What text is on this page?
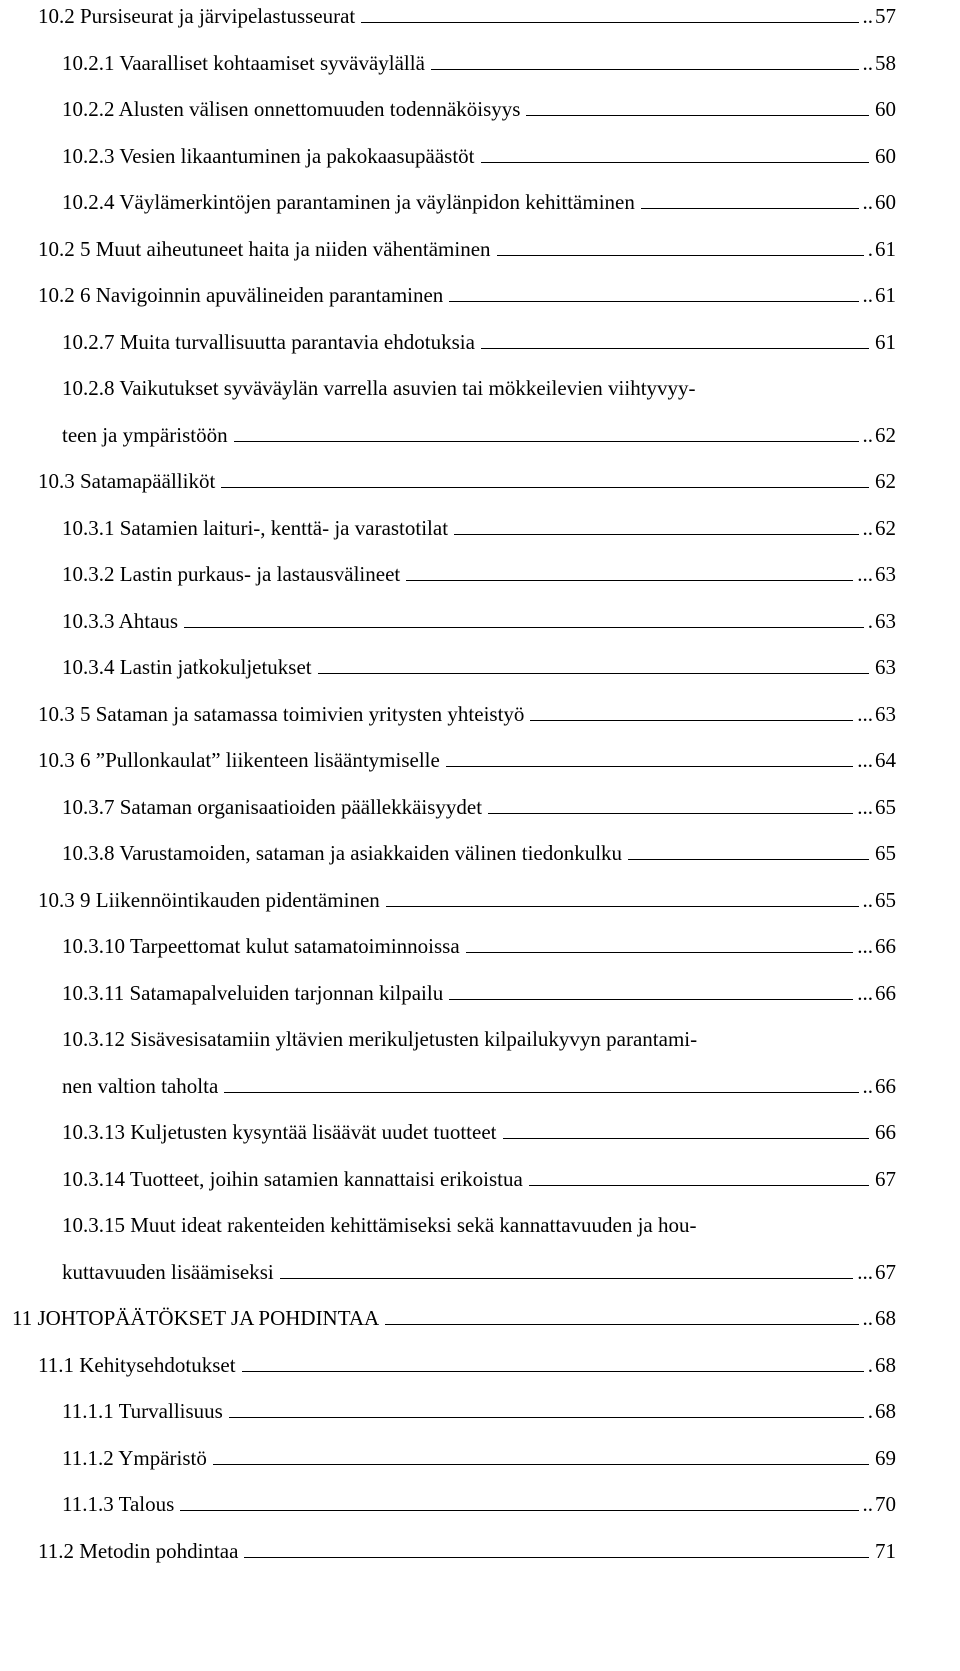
10.2 Pursiseurat ja järvipelastusseurat	57
..
10.2.1 Vaaralliset kohtaamiset syväväylällä	58
..
10.2.2 Alusten välisen onnettomuuden todennäköisyys	60
10.2.3 Vesien likaantuminen ja pakokaasupäästöt	60
10.2.4 Väylämerkintöjen parantaminen ja väylänpidon kehittäminen	60
..
10.2 5 Muut aiheutuneet haita ja niiden vähentäminen	61
.
10.2 6 Navigoinnin apuvälineiden parantaminen	61
..
10.2.7 Muita turvallisuutta parantavia ehdotuksia	61
10.2.8 Vaikutukset syväväylän varrella asuvien tai mökkeilevien viihtyvyy-
teen ja ympäristöön	62
..
10.3 Satamapäälliköt	62
10.3.1 Satamien laituri-, kenttä- ja varastotilat	62
..
10.3.2 Lastin purkaus- ja lastausvälineet	63
...
10.3.3 Ahtaus	63
.
10.3.4 Lastin jatkokuljetukset	63
10.3 5 Sataman ja satamassa toimivien yritysten yhteistyö	63
...
10.3 6 ”Pullonkaulat” liikenteen lisääntymiselle	64
...
10.3.7 Sataman organisaatioiden päällekkäisyydet	65
...
10.3.8 Varustamoiden, sataman ja asiakkaiden välinen tiedonkulku	65
10.3 9 Liikennöintikauden pidentäminen	65
..
10.3.10 Tarpeettomat kulut satamatoiminnoissa	66
...
10.3.11 Satamapalveluiden tarjonnan kilpailu	66
...
10.3.12 Sisävesisatamiin yltävien merikuljetusten kilpailukyvyn parantami-
nen valtion taholta	66
..
10.3.13 Kuljetusten kysyntää lisäävät uudet tuotteet	66
10.3.14 Tuotteet, joihin satamien kannattaisi erikoistua	67
10.3.15 Muut ideat rakenteiden kehittämiseksi sekä kannattavuuden ja hou-
kuttavuuden lisäämiseksi	67
...
11 JOHTOPÄÄTÖKSET JA POHDINTAA	68
..
11.1 Kehitysehdotukset	68
.
11.1.1 Turvallisuus	68
.
11.1.2 Ympäristö	69
11.1.3 Talous	70
..
11.2 Metodin pohdintaa	71
